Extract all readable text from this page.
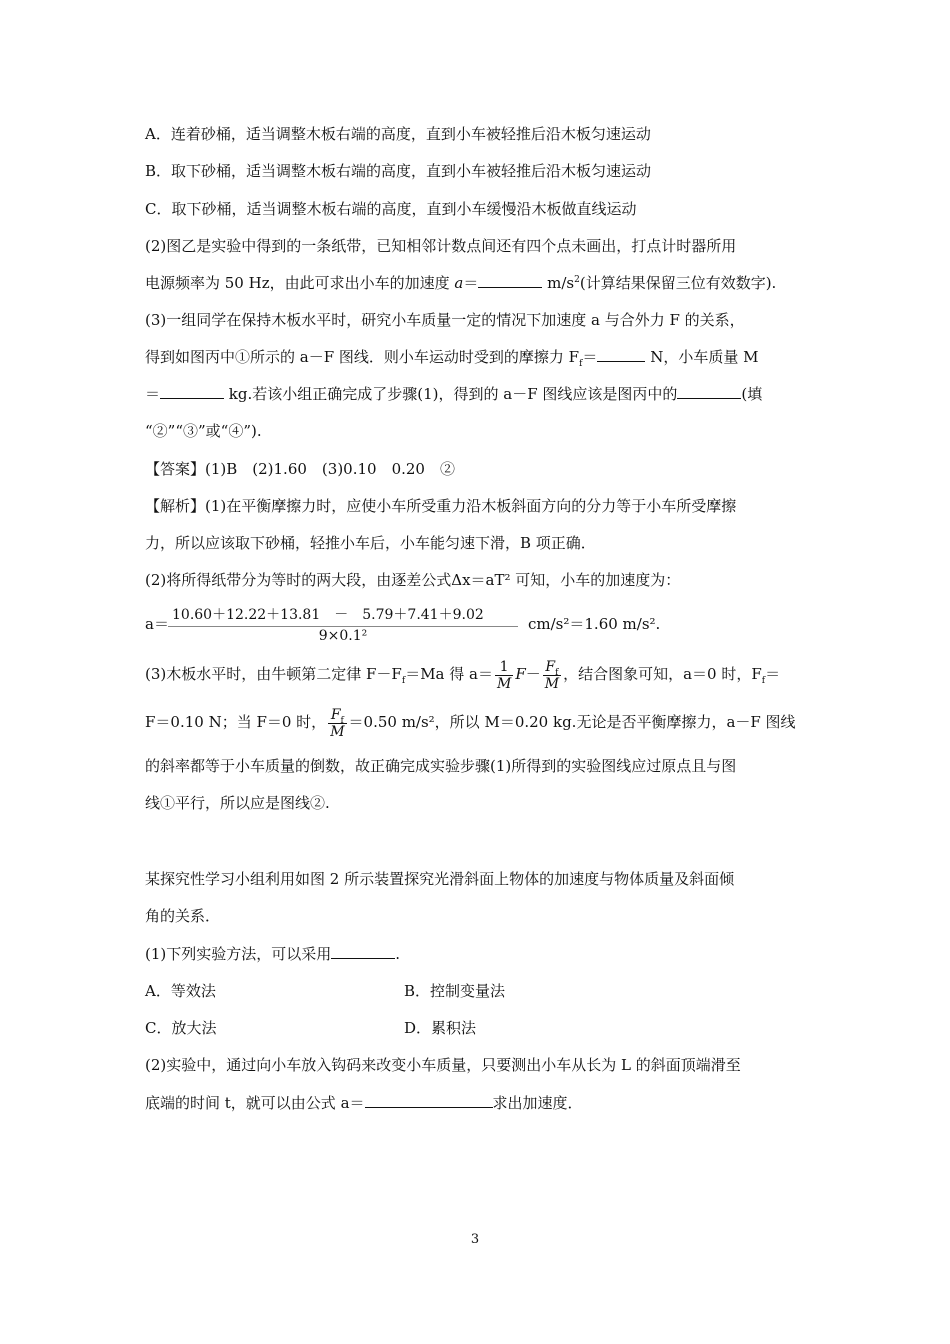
A．连着砂桶，适当调整木板右端的高度，直到小车被轻推后沿木板匀速运动
B．取下砂桶，适当调整木板右端的高度，直到小车被轻推后沿木板匀速运动
C．取下砂桶，适当调整木板右端的高度，直到小车缓慢沿木板做直线运动
(2)图乙是实验中得到的一条纸带，已知相邻计数点间还有四个点未画出，打点计时器所用
电源频率为 50 Hz，由此可求出小车的加速度 a＝	$m/s^2$(计算结果保留三位有效数字).
(3)一组同学在保持木板水平时，研究小车质量一定的情况下加速度 a 与合外力 F 的关系，
得到如图丙中①所示的 a－F 图线．则小车运动时受到的摩擦力 $F_f=$	N，小车质量 M
＝	kg.若该小组正确完成了步骤(1)，得到的 a－F 图线应该是图丙中的	(填
“②”“③”或“④”).
【答案】(1)B　(2)1.60　(3)0.10　0.20　②
【解析】(1)在平衡摩擦力时，应使小车所受重力沿木板斜面方向的分力等于小车所受摩擦
力，所以应该取下砂桶，轻推小车后，小车能匀速下滑，B 项正确．
(2)将所得纸带分为等时的两大段，由逐差公式Δx＝aT² 可知，小车的加速度为：
a＝ 10.60＋12.22＋13.81　－　5.79＋7.41＋9.02
9×0.1²
cm/s²＝1.60 m/s².
(3)木板水平时，由牛顿第二定律 $F-F_f=Ma$ 得 $a= \frac{1}{M} F- \frac{F_f}{M}$ ，结合图象可知，a＝0 时，$F_f=$
F＝0.10 N；当 F＝0 时， $\frac{F_f}{M} =0.50$ m/s²，所以 M＝0.20 kg.无论是否平衡摩擦力，a－F 图线
的斜率都等于小车质量的倒数，故正确完成实验步骤(1)所得到的实验图线应过原点且与图
线①平行，所以应是图线②.
某探究性学习小组利用如图 2 所示装置探究光滑斜面上物体的加速度与物体质量及斜面倾
角的关系．
(1)下列实验方法，可以采用	.
A．等效法	B．控制变量法
C．放大法	D．累积法
(2)实验中，通过向小车放入钩码来改变小车质量，只要测出小车从长为 L 的斜面顶端滑至
底端的时间 t，就可以由公式 a＝	求出加速度．
3
